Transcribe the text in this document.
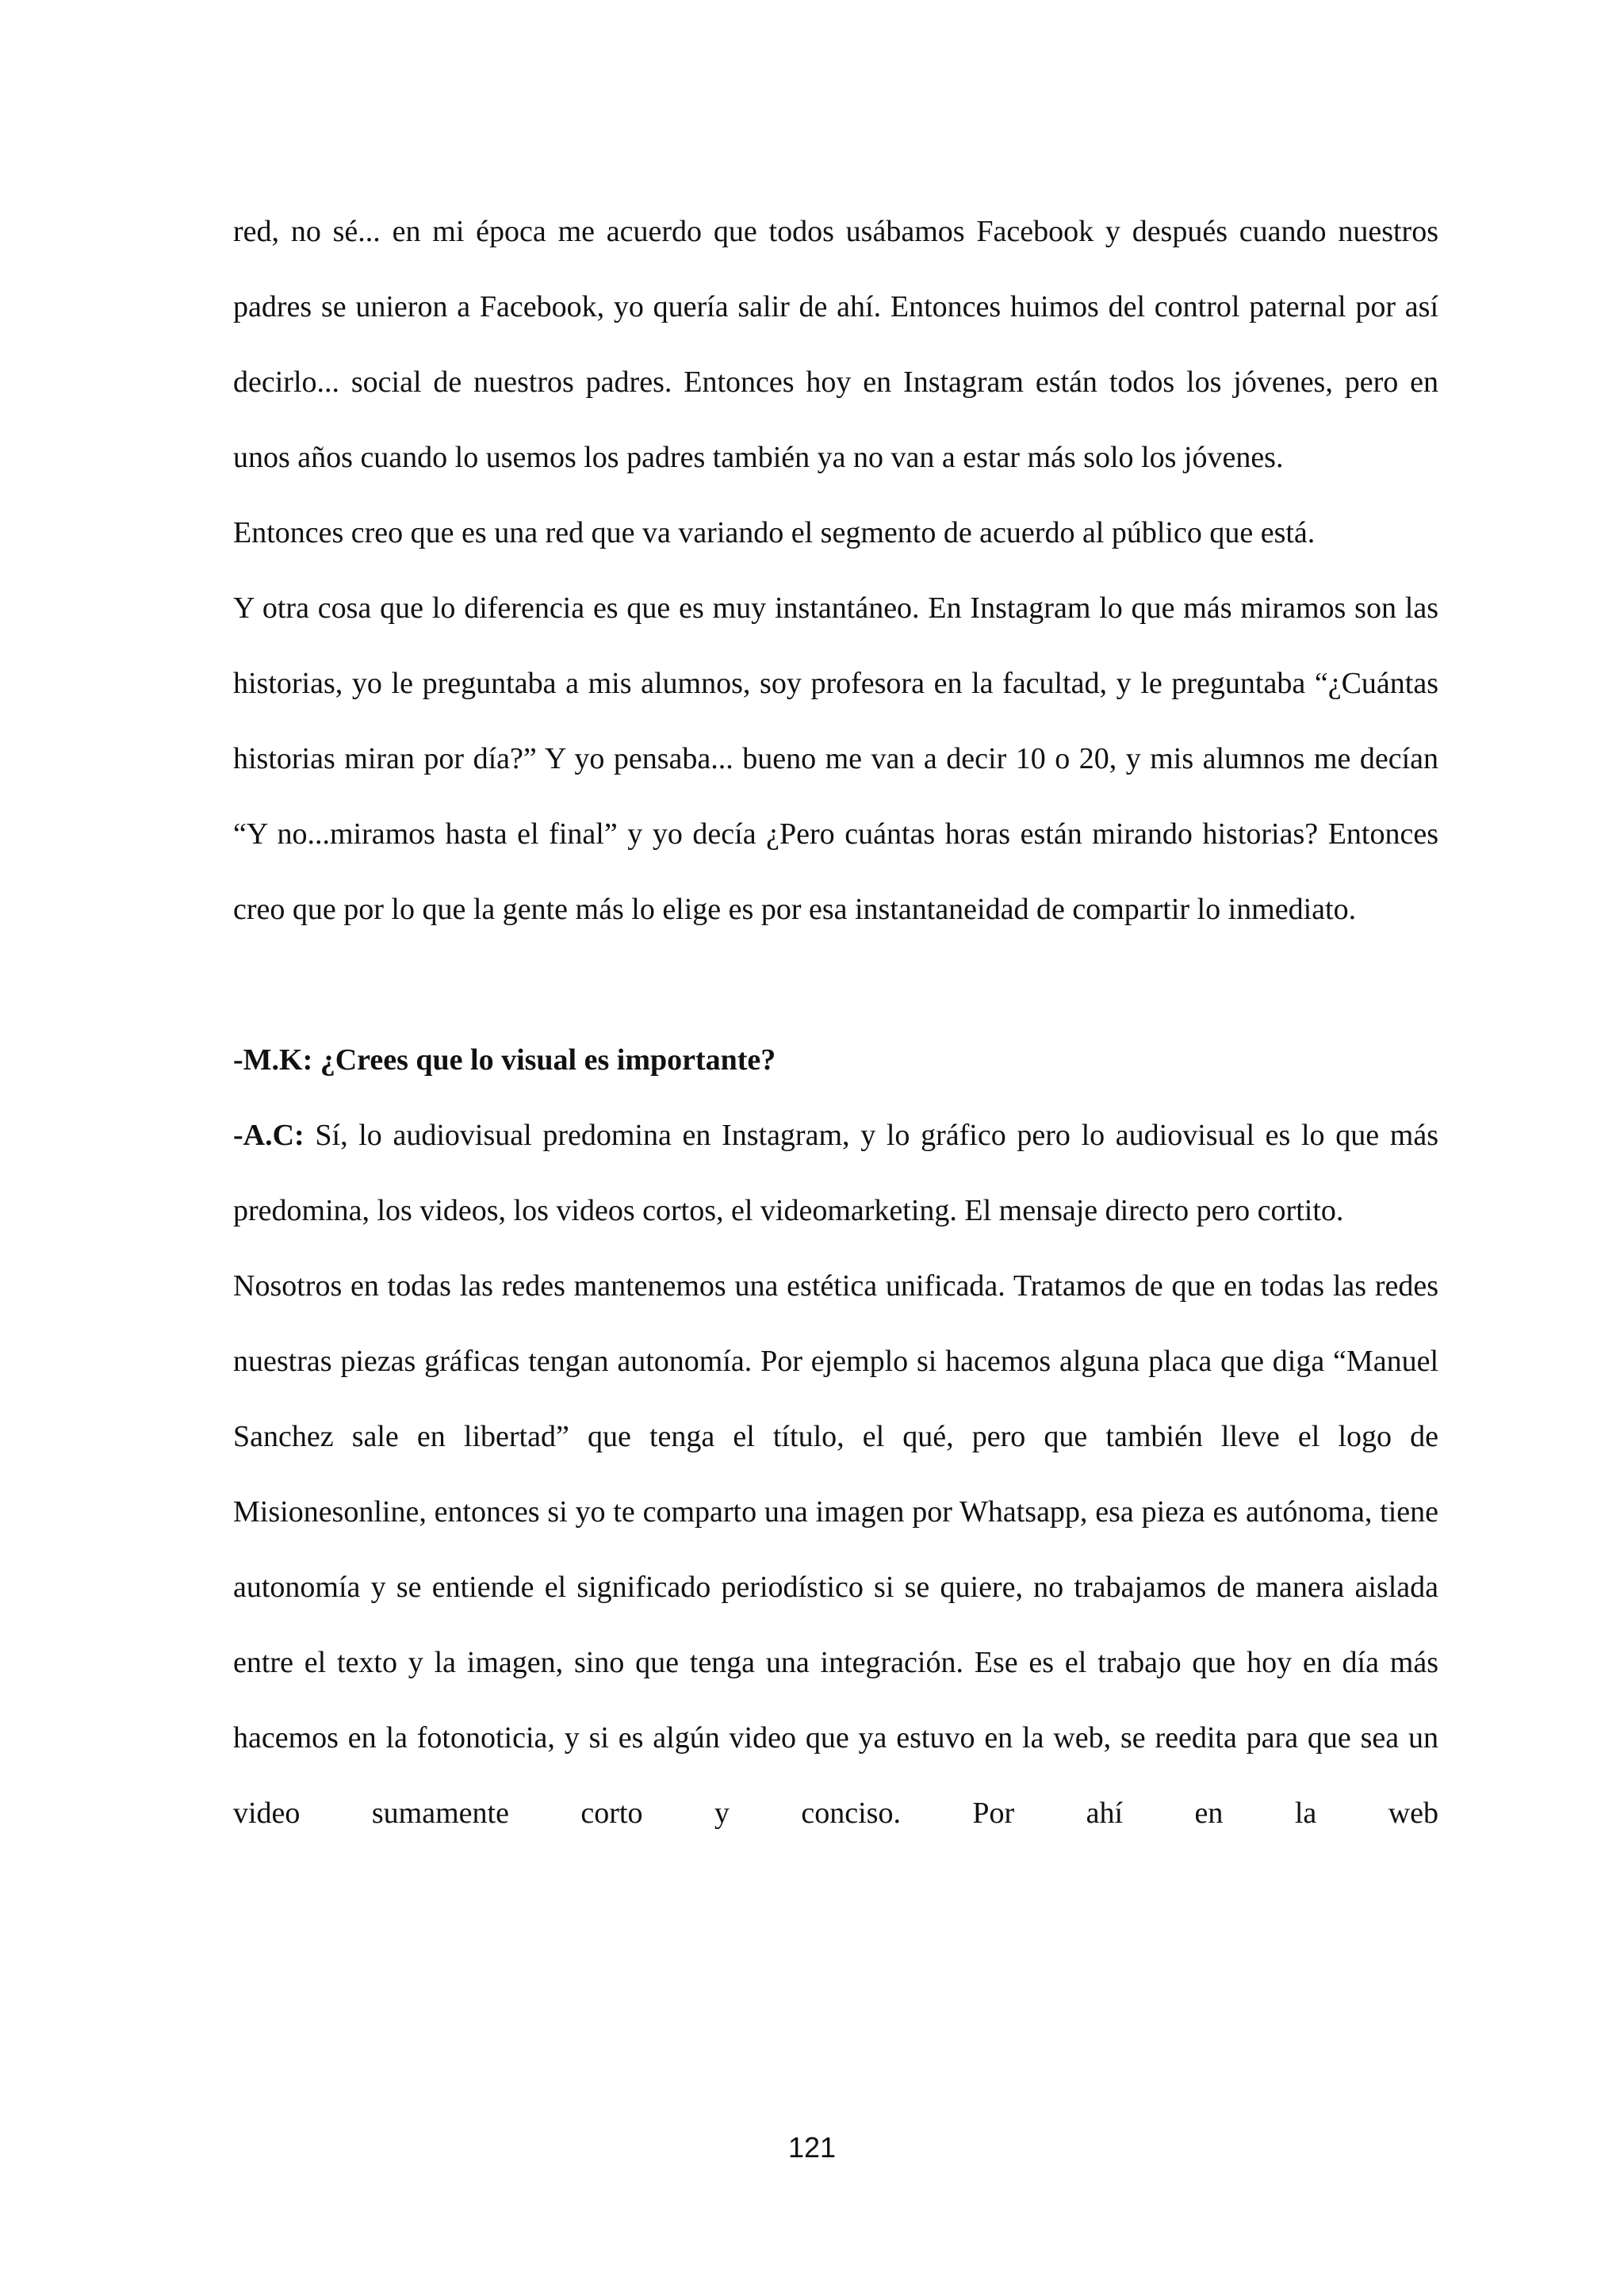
red, no sé... en mi época me acuerdo que todos usábamos Facebook y después cuando nuestros padres se unieron a Facebook, yo quería salir de ahí. Entonces huimos del control paternal por así decirlo... social de nuestros padres. Entonces hoy en Instagram están todos los jóvenes, pero en unos años cuando lo usemos los padres también ya no van a estar más solo los jóvenes.

Entonces creo que es una red que va variando el segmento de acuerdo al público que está.

Y otra cosa que lo diferencia es que es muy instantáneo. En Instagram lo que más miramos son las historias, yo le preguntaba a mis alumnos, soy profesora en la facultad, y le preguntaba “¿Cuántas historias miran por día?” Y yo pensaba... bueno me van a decir 10 o 20, y mis alumnos me decían “Y no...miramos hasta el final” y yo decía ¿Pero cuántas horas están mirando historias? Entonces creo que por lo que la gente más lo elige es por esa instantaneidad de compartir lo inmediato.

-M.K: ¿Crees que lo visual es importante?

-A.C: Sí, lo audiovisual predomina en Instagram, y lo gráfico pero lo audiovisual es lo que más predomina, los videos, los videos cortos, el videomarketing. El mensaje directo pero cortito.

Nosotros en todas las redes mantenemos una estética unificada. Tratamos de que en todas las redes nuestras piezas gráficas tengan autonomía. Por ejemplo si hacemos alguna placa que diga “Manuel Sanchez sale en libertad” que tenga el título, el qué, pero que también lleve el logo de Misionesonline, entonces si yo te comparto una imagen por Whatsapp, esa pieza es autónoma, tiene autonomía y se entiende el significado periodístico si se quiere, no trabajamos de manera aislada entre el texto y la imagen, sino que tenga una integración. Ese es el trabajo que hoy en día más hacemos en la fotonoticia, y si es algún video que ya estuvo en la web, se reedita para que sea un video sumamente corto y conciso. Por ahí en la web

121
